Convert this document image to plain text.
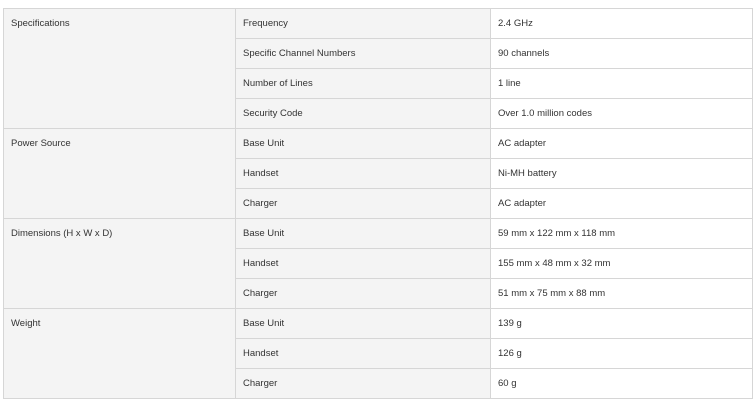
Specifications	Frequency	2.4 GHz
	Specific Channel Numbers	90 channels
	Number of Lines	1 line
	Security Code	Over 1.0 million codes
Power Source	Base Unit	AC adapter
	Handset	Ni-MH battery
	Charger	AC adapter
Dimensions (H x W x D)	Base Unit	59 mm x 122 mm x 118 mm
	Handset	155 mm x 48 mm x 32 mm
	Charger	51 mm x 75 mm x 88 mm
Weight	Base Unit	139 g
	Handset	126 g
	Charger	60 g
